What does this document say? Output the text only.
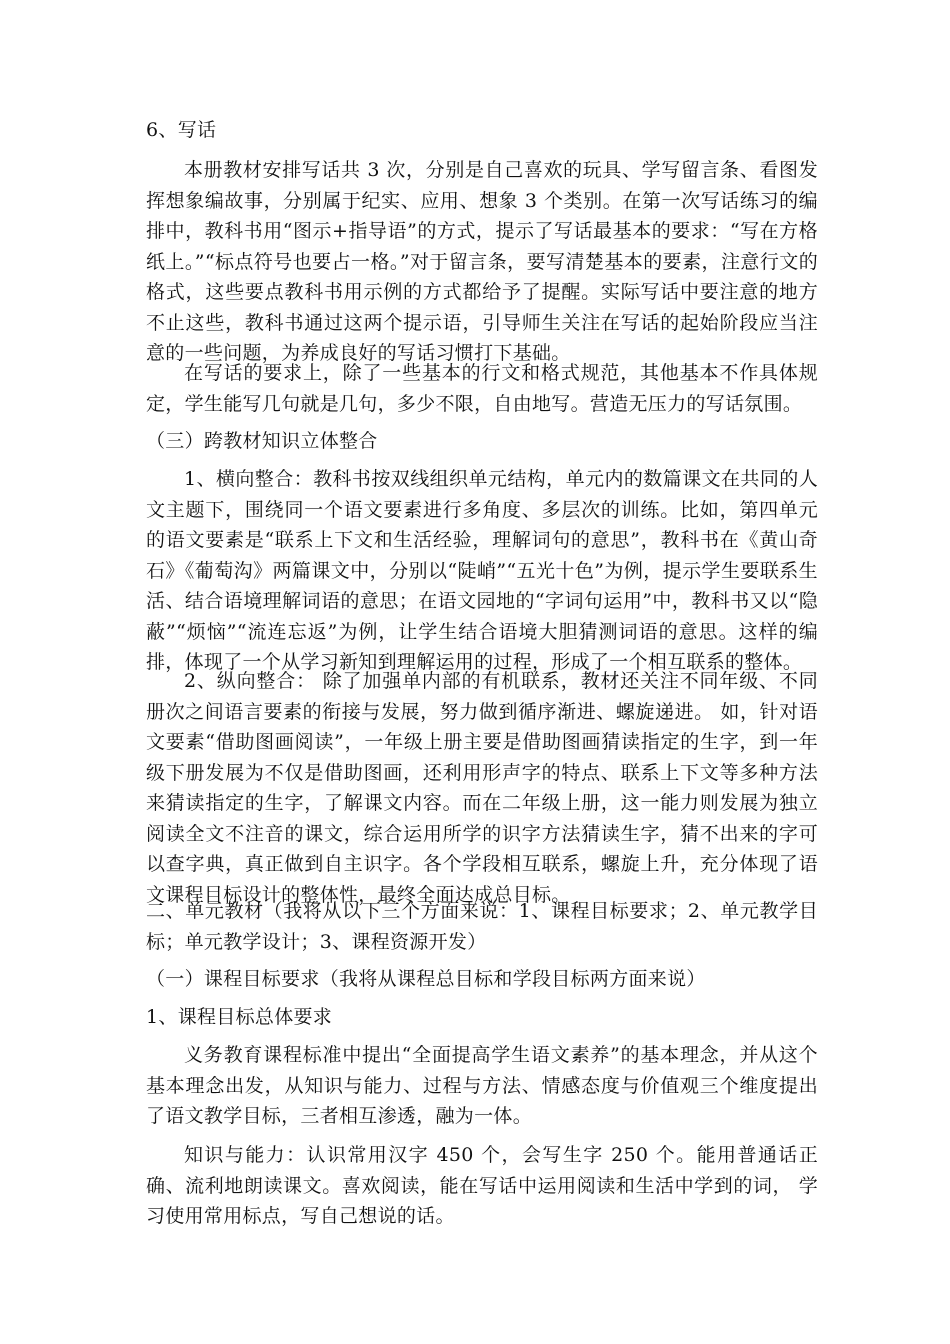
6、写话

本册教材安排写话共 3 次，分别是自己喜欢的玩具、学写留言条、看图发挥想象编故事，分别属于纪实、应用、想象 3 个类别。在第一次写话练习的编排中，教科书用“图示+指导语”的方式，提示了写话最基本的要求：“写在方格纸上。”“标点符号也要占一格。”对于留言条，要写清楚基本的要素，注意行文的格式，这些要点教科书用示例的方式都给予了提醒。实际写话中要注意的地方不止这些，教科书通过这两个提示语，引导师生关注在写话的起始阶段应当注意的一些问题，为养成良好的写话习惯打下基础。

在写话的要求上，除了一些基本的行文和格式规范，其他基本不作具体规定，学生能写几句就是几句，多少不限，自由地写。营造无压力的写话氛围。

（三）跨教材知识立体整合

1、横向整合：教科书按双线组织单元结构，单元内的数篇课文在共同的人文主题下，围绕同一个语文要素进行多角度、多层次的训练。比如，第四单元的语文要素是“联系上下文和生活经验，理解词句的意思”，教科书在《黄山奇石》《葡萄沟》两篇课文中，分别以“陡峭”“五光十色”为例，提示学生要联系生活、结合语境理解词语的意思；在语文园地的“字词句运用”中，教科书又以“隐蔽”“烦恼”“流连忘返”为例，让学生结合语境大胆猜测词语的意思。这样的编排，体现了一个从学习新知到理解运用的过程，形成了一个相互联系的整体。

2、纵向整合： 除了加强单内部的有机联系，教材还关注不同年级、不同册次之间语言要素的衔接与发展，努力做到循序渐进、螺旋递进。 如，针对语文要素“借助图画阅读”，一年级上册主要是借助图画猜读指定的生字，到一年级下册发展为不仅是借助图画，还利用形声字的特点、联系上下文等多种方法来猜读指定的生字，了解课文内容。而在二年级上册，这一能力则发展为独立阅读全文不注音的课文，综合运用所学的识字方法猜读生字，猜不出来的字可以查字典，真正做到自主识字。各个学段相互联系，螺旋上升，充分体现了语文课程目标设计的整体性，最终全面达成总目标。

二、单元教材（我将从以下三个方面来说：1、课程目标要求；2、单元教学目标；单元教学设计；3、课程资源开发）

（一）课程目标要求（我将从课程总目标和学段目标两方面来说）

1、课程目标总体要求

义务教育课程标准中提出“全面提高学生语文素养”的基本理念，并从这个基本理念出发，从知识与能力、过程与方法、情感态度与价值观三个维度提出了语文教学目标，三者相互渗透，融为一体。

知识与能力：认识常用汉字 450 个，会写生字 250 个。能用普通话正确、流利地朗读课文。喜欢阅读，能在写话中运用阅读和生活中学到的词， 学习使用常用标点，写自己想说的话。
